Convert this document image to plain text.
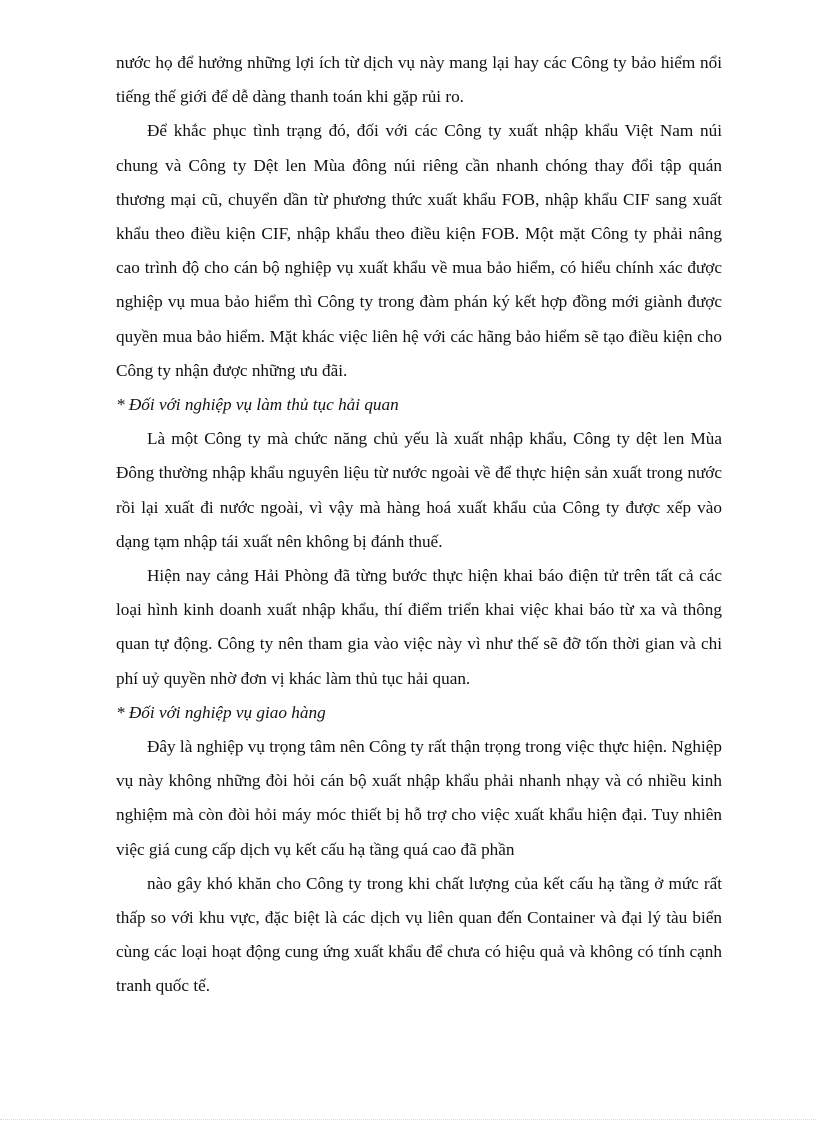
nước họ để hưởng những lợi ích từ dịch vụ này mang lại hay các Công ty bảo hiểm nổi tiếng thế giới để dễ dàng thanh toán khi gặp rủi ro.

Để khắc phục tình trạng đó, đối với các Công ty xuất nhập khẩu Việt Nam núi chung và Công ty Dệt len Mùa đông núi riêng cần nhanh chóng thay đổi tập quán thương mại cũ, chuyển dần từ phương thức xuất khẩu FOB, nhập khẩu CIF sang xuất khẩu theo điều kiện CIF, nhập khẩu theo điều kiện FOB. Một mặt Công ty phải nâng cao trình độ cho cán bộ nghiệp vụ xuất khẩu về mua bảo hiểm, có hiểu chính xác được nghiệp vụ mua bảo hiểm thì Công ty trong đàm phán ký kết hợp đồng mới giành được quyền mua bảo hiểm. Mặt khác việc liên hệ với các hãng bảo hiểm sẽ tạo điều kiện cho Công ty nhận được những ưu đãi.

* Đối với nghiệp vụ làm thủ tục hải quan

Là một Công ty mà chức năng chủ yếu là xuất nhập khẩu, Công ty dệt len Mùa Đông thường nhập khẩu nguyên liệu từ nước ngoài về để thực hiện sản xuất trong nước rồi lại xuất đi nước ngoài, vì vậy mà hàng hoá xuất khẩu của Công ty được xếp vào dạng tạm nhập tái xuất nên không bị đánh thuế.

Hiện nay cảng Hải Phòng đã từng bước thực hiện khai báo điện tử trên tất cả các loại hình kinh doanh xuất nhập khẩu, thí điểm triển khai việc khai báo từ xa và thông quan tự động. Công ty nên tham gia vào việc này vì như thế sẽ đỡ tốn thời gian và chi phí uỷ quyền nhờ đơn vị khác làm thủ tục hải quan.

* Đối với nghiệp vụ giao hàng

Đây là nghiệp vụ trọng tâm nên Công ty rất thận trọng trong việc thực hiện. Nghiệp vụ này không những đòi hỏi cán bộ xuất nhập khẩu phải nhanh nhạy và có nhiều kinh nghiệm mà còn đòi hỏi máy móc thiết bị hỗ trợ cho việc xuất khẩu hiện đại. Tuy nhiên việc giá cung cấp dịch vụ kết cấu hạ tầng quá cao đã phần

nào gây khó khăn cho Công ty trong khi chất lượng của kết cấu hạ tầng ở mức rất thấp so với khu vực, đặc biệt là các dịch vụ liên quan đến Container và đại lý tàu biển cùng các loại hoạt động cung ứng xuất khẩu để chưa có hiệu quả và không có tính cạnh tranh quốc tế.
